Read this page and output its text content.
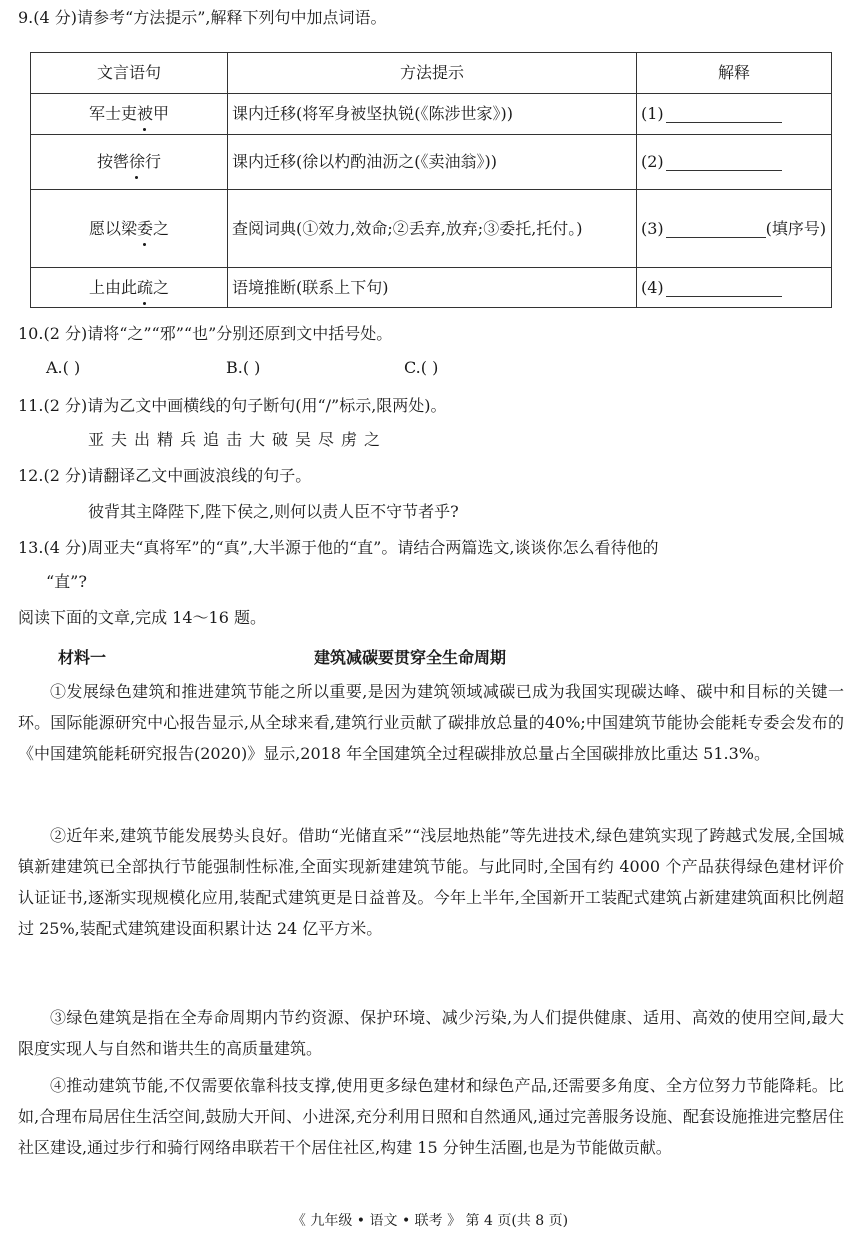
9.(4 分)请参考“方法提示”,解释下列句中加点词语。
文言语句	方法提示	解释
军士吏被甲	课内迁移(将军身被坚执锐(《陈涉世家》))	(1)
按辔徐行	课内迁移(徐以杓酌油沥之(《卖油翁》))	(2)
愿以梁委之	查阅词典(①效力,效命;②丢弃,放弃;③委托,托付。)	(3) (填序号)
上由此疏之	语境推断(联系上下句)	(4)
10.(2 分)请将“之”“邪”“也”分别还原到文中括号处。
A.( )	B.( )	C.( )
11.(2 分)请为乙文中画横线的句子断句(用“/”标示,限两处)。
亚夫出精兵追击大破吴尽虏之
12.(2 分)请翻译乙文中画波浪线的句子。
彼背其主降陛下,陛下侯之,则何以责人臣不守节者乎?
13.(4 分)周亚夫“真将军”的“真”,大半源于他的“直”。请结合两篇选文,谈谈你怎么看待他的
“直”?
阅读下面的文章,完成 14～16 题。
材料一	建筑减碳要贯穿全生命周期

①发展绿色建筑和推进建筑节能之所以重要,是因为建筑领域减碳已成为我国实现碳达峰、碳中和目标的关键一环。国际能源研究中心报告显示,从全球来看,建筑行业贡献了碳排放总量的40%;中国建筑节能协会能耗专委会发布的《中国建筑能耗研究报告(2020)》显示,2018 年全国建筑全过程碳排放总量占全国碳排放比重达 51.3%。

②近年来,建筑节能发展势头良好。借助“光储直采”“浅层地热能”等先进技术,绿色建筑实现了跨越式发展,全国城镇新建建筑已全部执行节能强制性标准,全面实现新建建筑节能。与此同时,全国有约 4000 个产品获得绿色建材评价认证证书,逐渐实现规模化应用,装配式建筑更是日益普及。今年上半年,全国新开工装配式建筑占新建建筑面积比例超过 25%,装配式建筑建设面积累计达 24 亿平方米。

③绿色建筑是指在全寿命周期内节约资源、保护环境、减少污染,为人们提供健康、适用、高效的使用空间,最大限度实现人与自然和谐共生的高质量建筑。

④推动建筑节能,不仅需要依靠科技支撑,使用更多绿色建材和绿色产品,还需要多角度、全方位努力节能降耗。比如,合理布局居住生活空间,鼓励大开间、小进深,充分利用日照和自然通风,通过完善服务设施、配套设施推进完整居住社区建设,通过步行和骑行网络串联若干个居住社区,构建 15 分钟生活圈,也是为节能做贡献。

《 九年级 • 语文 • 联考 》 第 4 页(共 8 页)
